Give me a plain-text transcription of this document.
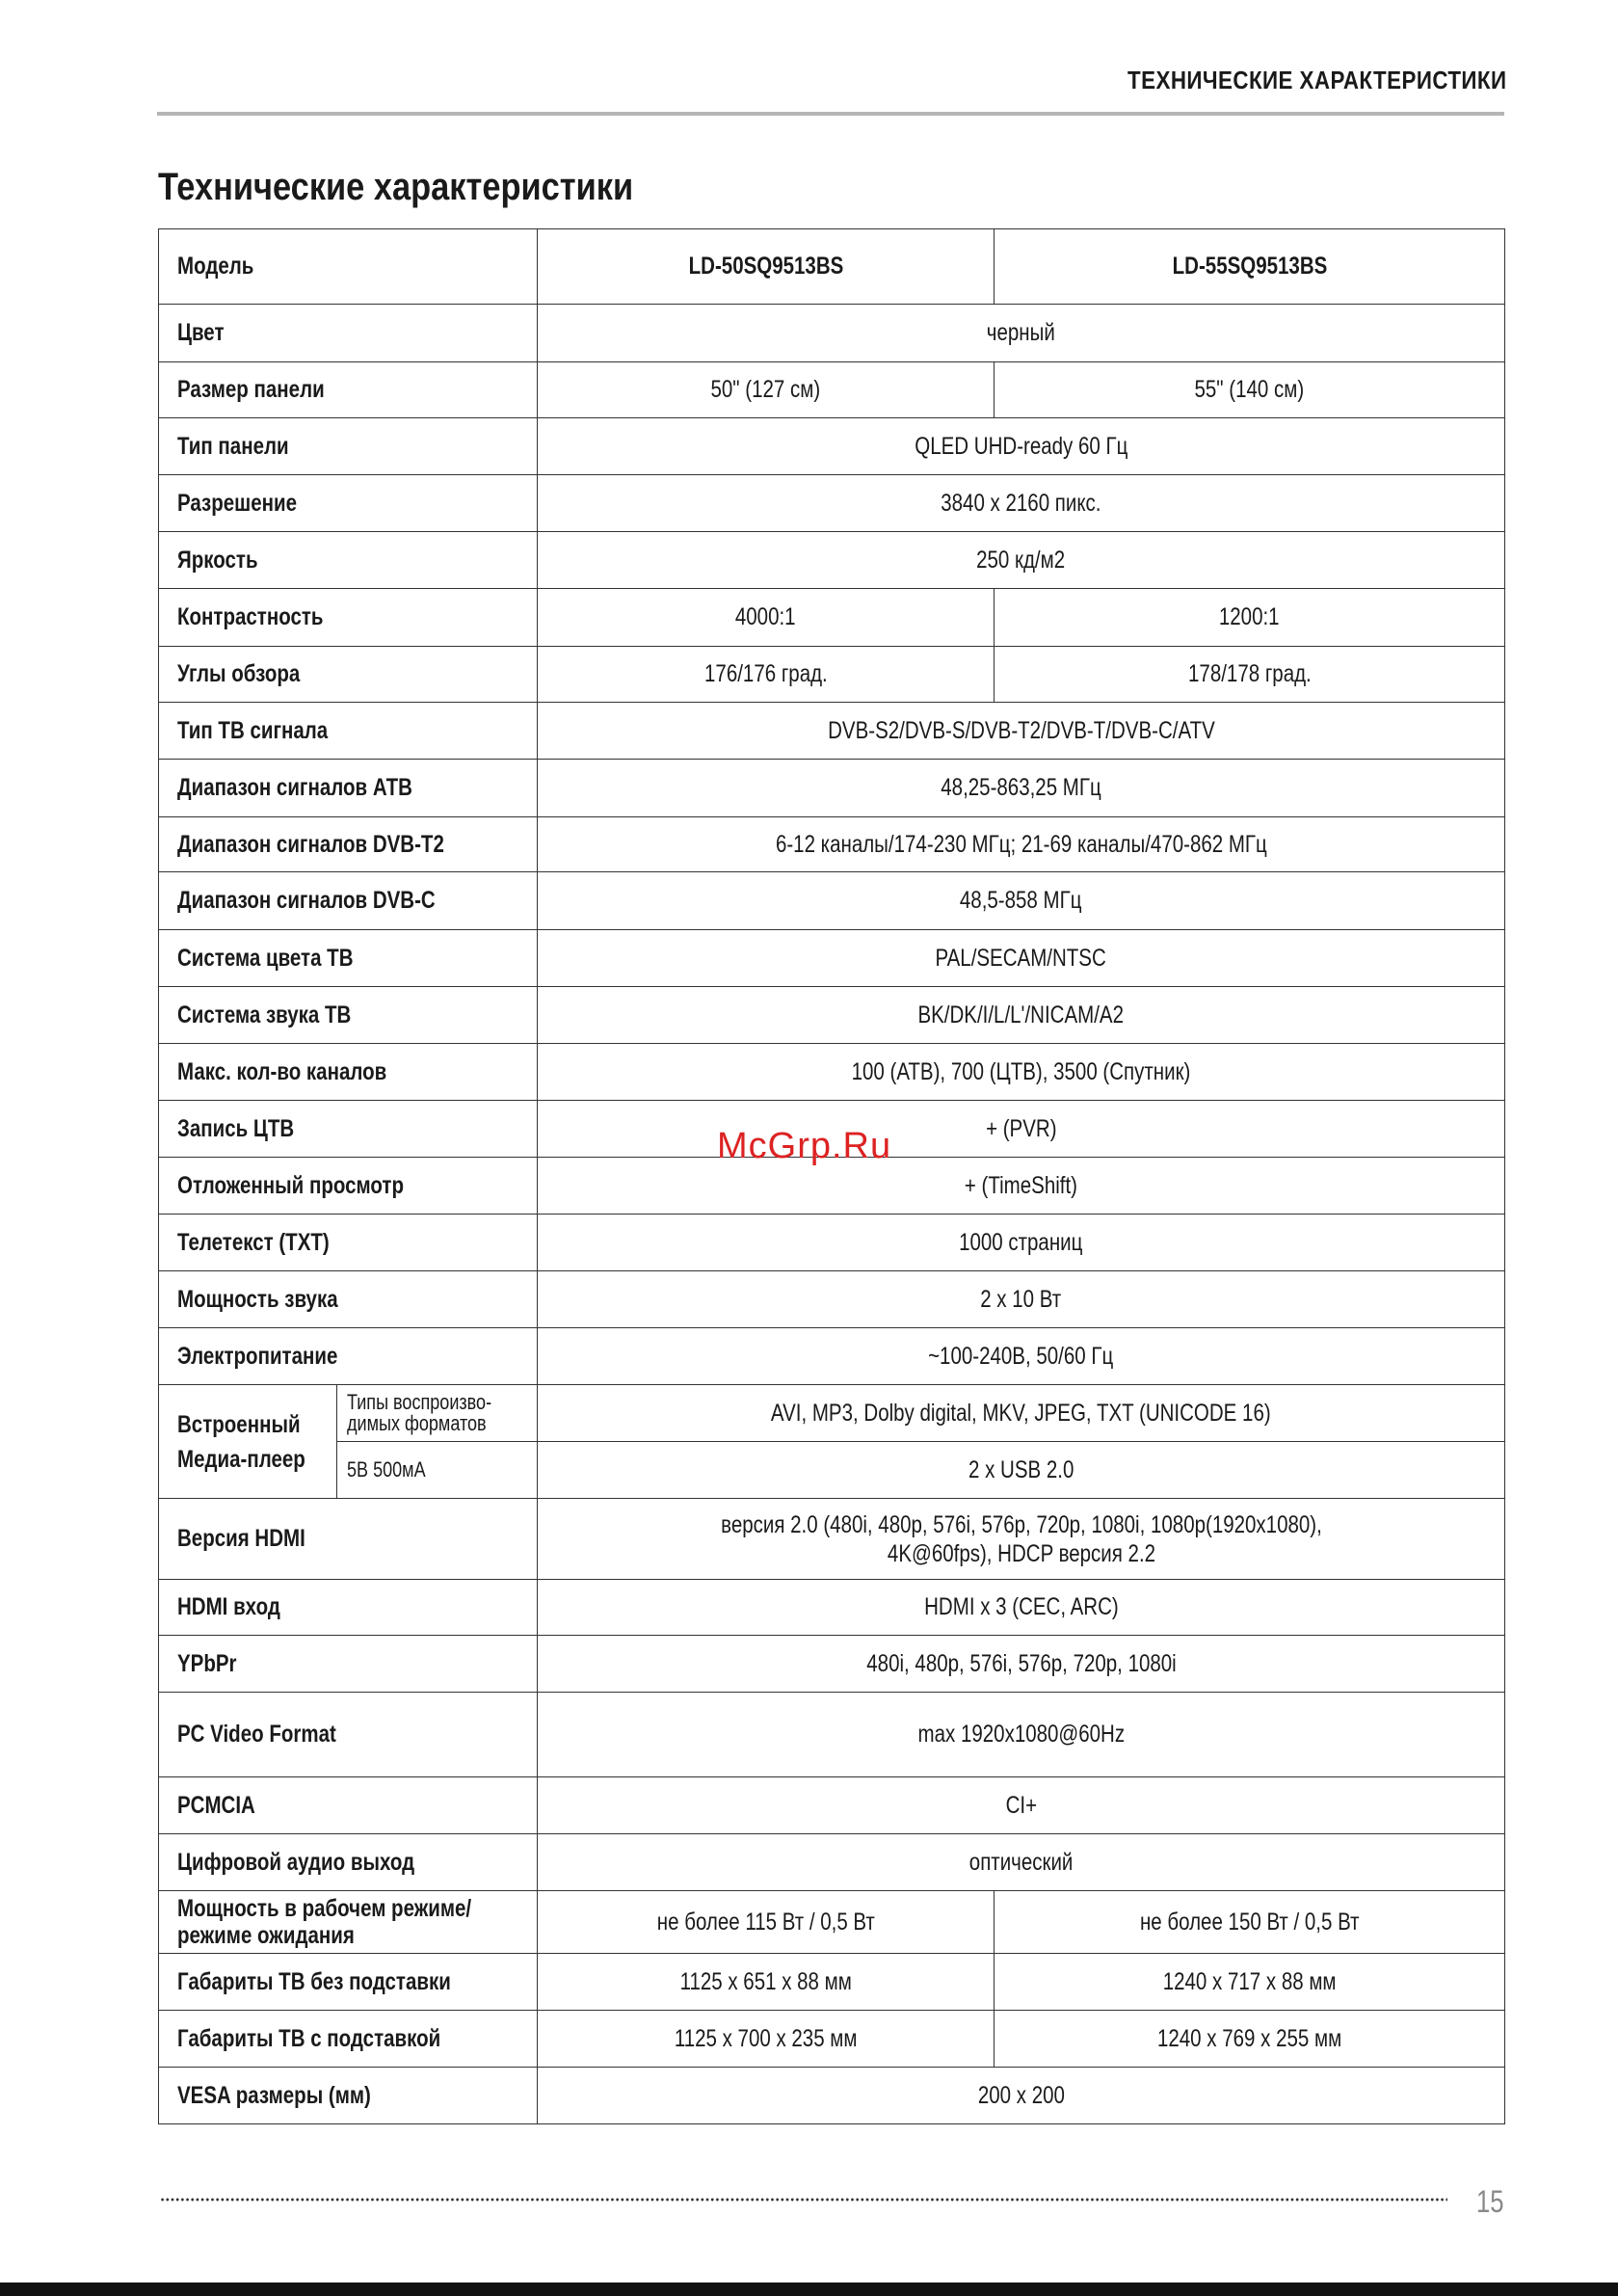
ТЕХНИЧЕСКИЕ ХАРАКТЕРИСТИКИ
Технические характеристики
Модель		LD-50SQ9513BS	LD-55SQ9513BS
Цвет		черный	
Размер панели		50" (127 см)	55" (140 см)
Тип панели		QLED UHD-ready 60 Гц	
Разрешение		3840 х 2160 пикс.	
Яркость		250 кд/м2	
Контрастность		4000:1	1200:1
Углы обзора		176/176 град.	178/178 град.
Тип ТВ сигнала		DVB-S2/DVB-S/DVB-T2/DVB-T/DVB-C/ATV	
Диапазон сигналов АТВ		48,25-863,25 МГц	
Диапазон сигналов DVB-T2		6-12 каналы/174-230 МГц; 21-69 каналы/470-862 МГц	
Диапазон сигналов DVB-C		48,5-858 МГц	
Система цвета ТВ		PAL/SECAM/NTSC	
Система звука ТВ		BK/DK/I/L/L'/NICAM/A2	
Макс. кол-во каналов		100 (АТВ), 700 (ЦТВ), 3500 (Спутник)	
Запись ЦТВ		+ (PVR)	
Отложенный просмотр		+ (TimeShift)	
Телетекст (TXT)		1000 страниц	
Мощность звука		2 х 10 Вт	
Электропитание		~100-240В, 50/60 Гц	
Встроенный Медиа-плеер	Типы воспроизво-димых форматов	AVI, MP3, Dolby digital, MKV, JPEG, TXT (UNICODE 16)	
	5В 500мА	2 х USB 2.0	
Версия HDMI		версия 2.0 (480i, 480p, 576i, 576p, 720p, 1080i, 1080p(1920x1080), 4K@60fps), HDCP версия 2.2	
HDMI вход		HDMI х 3 (CEC, ARC)	
YPbPr		480i, 480p, 576i, 576p, 720p, 1080i	
PC Video Format		max 1920x1080@60Hz	
PCMCIA		CI+	
Цифровой аудио выход		оптический	
Мощность в рабочем режиме/ режиме ожидания		не более 115 Вт / 0,5 Вт	не более 150 Вт / 0,5 Вт
Габариты ТВ без подставки		1125 х 651 х 88 мм	1240 х 717 х 88 мм
Габариты ТВ с подставкой		1125 х 700 х 235 мм	1240 х 769 х 255 мм
VESA размеры (мм)		200 х 200	
McGrp.Ru
15
